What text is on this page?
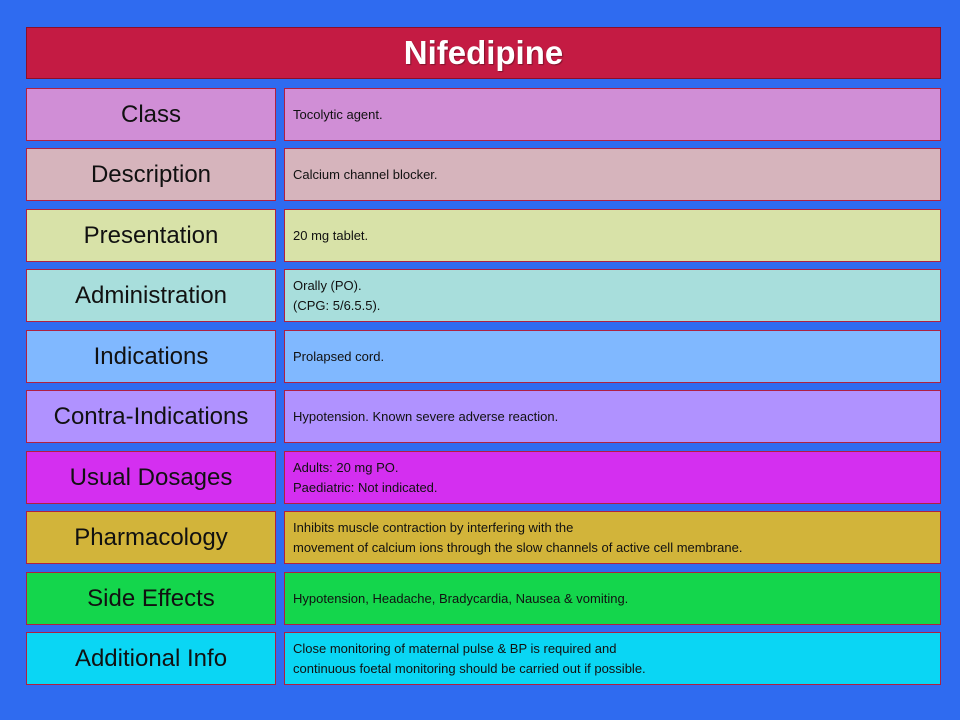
Nifedipine
Class	Tocolytic agent.
Description	Calcium channel blocker.
Presentation	20 mg tablet.
Administration	Orally (PO).
(CPG: 5/6.5.5).
Indications	Prolapsed cord.
Contra-Indications	Hypotension. Known severe adverse reaction.
Usual Dosages	Adults: 20 mg PO.
Paediatric: Not indicated.
Pharmacology	Inhibits muscle contraction by interfering with the
movement of calcium ions through the slow channels of active cell membrane.
Side Effects	Hypotension, Headache, Bradycardia, Nausea & vomiting.
Additional Info	Close monitoring of maternal pulse & BP is required and
continuous foetal monitoring should be carried out if possible.
